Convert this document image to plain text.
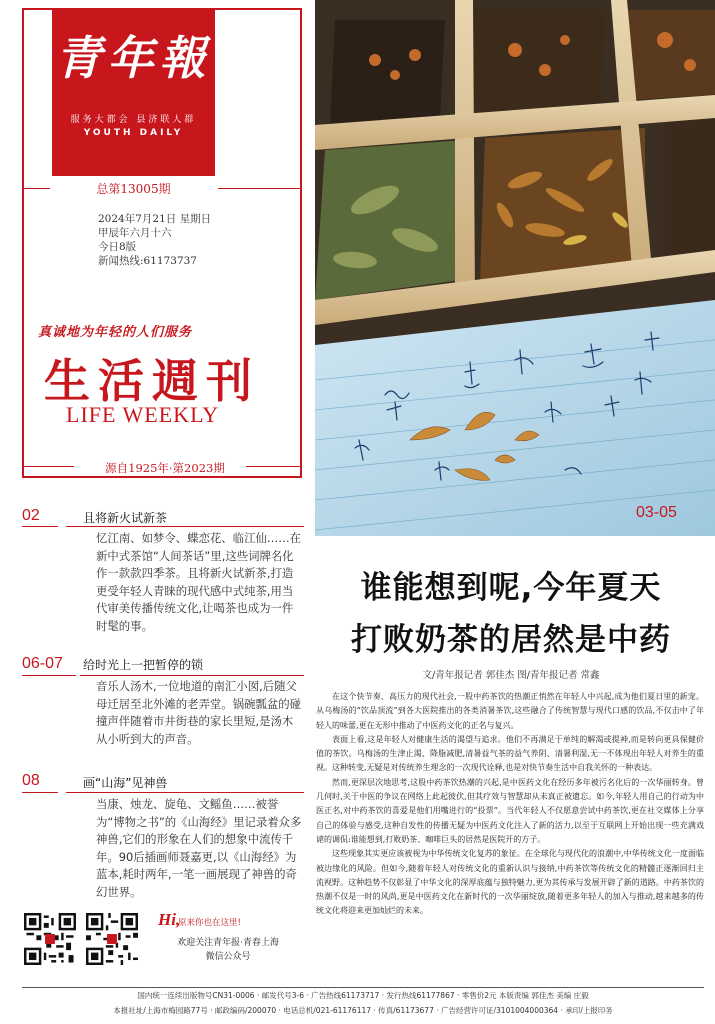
青年報
服务大都会 县济联人群
YOUTH DAILY
总第13005期
2024年7月21日 星期日
甲辰年六月十六
今日8版
新闻热线:61173737
真诚地为年轻的人们服务
生活週刊
LIFE WEEKLY
源自1925年·第2023期
02	且将新火试新茶
忆江南、如梦令、蝶恋花、临江仙……在新中式茶馆“人间茶话”里,这些词牌名化作一款款四季茶。且将新火试新茶,打造更受年轻人青睐的现代感中式纯茶,用当代审美传播传统文化,让喝茶也成为一件时髦的事。
06-07 给时光上一把暂停的锁
音乐人汤木,一位地道的南汇小囡,后随父母迁居至北外滩的老弄堂。锅碗瓢盆的碰撞声伴随着市井街巷的家长里短,是汤木从小听到大的声音。
08	画“山海”见神兽
当康、烛龙、旋龟、文鳐鱼……被誉为“博物之书”的《山海经》里记录着众多神兽,它们的形象在人们的想象中流传千年。90后插画师聂嘉更,以《山海经》为蓝本,耗时两年,一笔一画展现了神兽的奇幻世界。
Hi,
原来你也在这里!
欢迎关注青年报·青春上海
微信公众号
03-05
谁能想到呢,今年夏天
打败奶茶的居然是中药
文/青年报记者 郭佳杰 图/青年报记者 常鑫

在这个快节奏、高压力的现代社会,一股中药茶饮的热潮正悄然在年轻人中兴起,成为他们夏日里的新宠。从乌梅汤的“饮品顶流”到各大医院推出的各类消暑茶饮,这些融合了传统智慧与现代口感的饮品,不仅击中了年轻人的味蕾,更在无形中推动了中医药文化的正名与复兴。

表面上看,这是年轻人对健康生活的渴望与追求。他们不再满足于单纯的解渴或提神,而是转向更具保健价值的茶饮。乌梅汤的生津止渴、降脂减肥,清暑益气茶的益气养阴、清暑利湿,无一不体现出年轻人对养生的重视。这种转变,无疑是对传统养生理念的一次现代诠释,也是对快节奏生活中自我关怀的一种表达。

然而,更深层次地思考,这股中药茶饮热潮的兴起,是中医药文化在经历多年被污名化后的一次华丽转身。曾几何时,关于中医的争议在网络上此起彼伏,但其疗效与智慧却从未真正被遗忘。如今,年轻人用自己的行动为中医正名,对中药茶饮的喜爱是他们用嘴进行的“投票”。当代年轻人不仅愿意尝试中药茶饮,更在社交媒体上分享自己的体验与感受,这种自发性的传播无疑为中医药文化注入了新的活力,以至于互联网上开始出现一些充满戏谑的调侃:谁能想到,打败奶茶、咖啡巨头的居然是医院开的方子。

这些现象其实更应该被视为中华传统文化复苏的象征。在全球化与现代化的浪潮中,中华传统文化一度面临被边缘化的风险。但如今,随着年轻人对传统文化的重新认识与接纳,中药茶饮等传统文化的精髓正逐渐回归主流视野。这种趋势不仅彰显了中华文化的深厚底蕴与独特魅力,更为其传承与发展开辟了新的道路。中药茶饮的热潮不仅是一时的风尚,更是中医药文化在新时代的一次华丽绽放,随着更多年轻人的加入与推动,越来越多的传统文化将迎来更加灿烂的未来。

国内统一连续出版物号CN31-0006 · 邮发代号3-6 · 广告热线61173717 · 发行热线61177867 · 零售价2元 本版责编 郭佳杰 美编 庄毅
本报社址/上海市梅园路77号 · 邮政编码/200070 · 电话总机/021-61176117 · 传真/61173677 · 广告经营许可证/3101004000364 · 承印/上报印务
